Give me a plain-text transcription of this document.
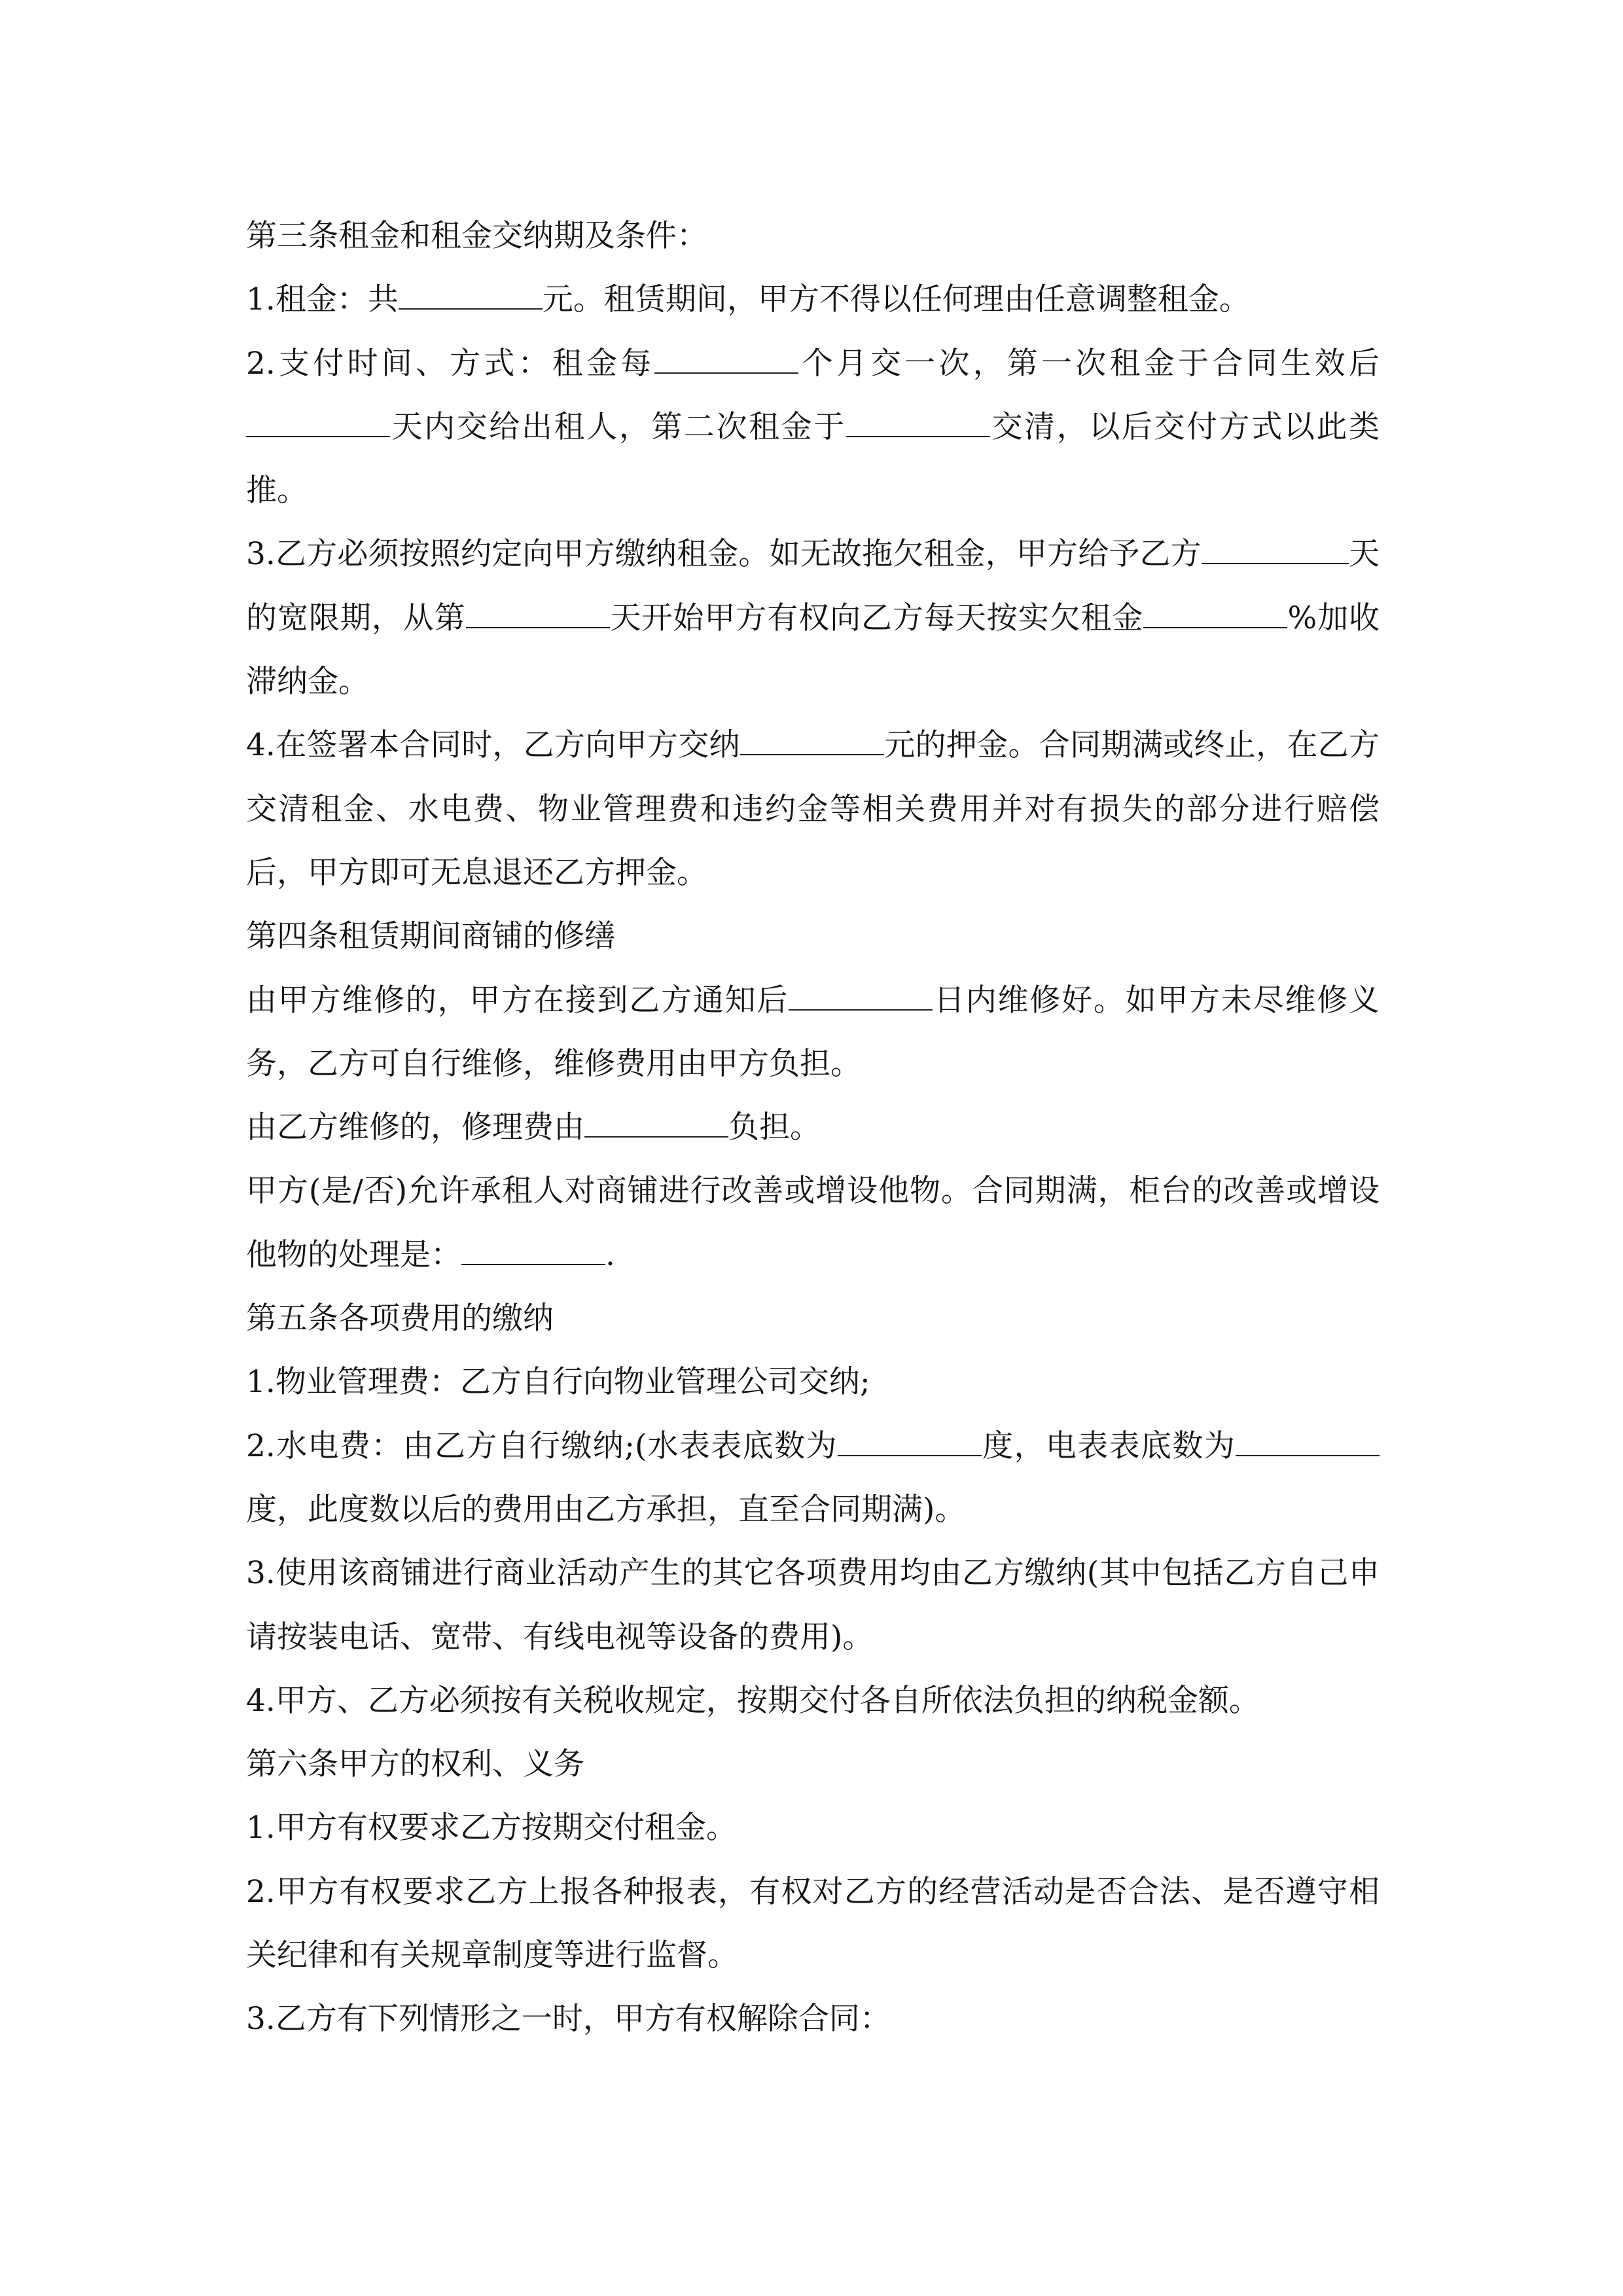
第三条租金和租金交纳期及条件：

1.租金：共	元。租赁期间，甲方不得以任何理由任意调整租金。

2.支付时间、方式：租金每	个月交一次，第一次租金于合同生效后天内交给出租人，第二次租金于	交清，以后交付方式以此类推。

3.乙方必须按照约定向甲方缴纳租金。如无故拖欠租金，甲方给予乙方	天的宽限期，从第	天开始甲方有权向乙方每天按实欠租金	%加收滞纳金。

4.在签署本合同时，乙方向甲方交纳	元的押金。合同期满或终止，在乙方交清租金、水电费、物业管理费和违约金等相关费用并对有损失的部分进行赔偿后，甲方即可无息退还乙方押金。

第四条租赁期间商铺的修缮

由甲方维修的，甲方在接到乙方通知后	日内维修好。如甲方未尽维修义务，乙方可自行维修，维修费用由甲方负担。

由乙方维修的，修理费由	负担。

甲方(是/否)允许承租人对商铺进行改善或增设他物。合同期满，柜台的改善或增设他物的处理是：	.

第五条各项费用的缴纳

1.物业管理费：乙方自行向物业管理公司交纳;

2.水电费：由乙方自行缴纳;(水表表底数为	度，电表表底数为度，此度数以后的费用由乙方承担，直至合同期满)。

3.使用该商铺进行商业活动产生的其它各项费用均由乙方缴纳(其中包括乙方自己申请按装电话、宽带、有线电视等设备的费用)。

4.甲方、乙方必须按有关税收规定，按期交付各自所依法负担的纳税金额。

第六条甲方的权利、义务

1.甲方有权要求乙方按期交付租金。

2.甲方有权要求乙方上报各种报表，有权对乙方的经营活动是否合法、是否遵守相关纪律和有关规章制度等进行监督。

3.乙方有下列情形之一时，甲方有权解除合同：
